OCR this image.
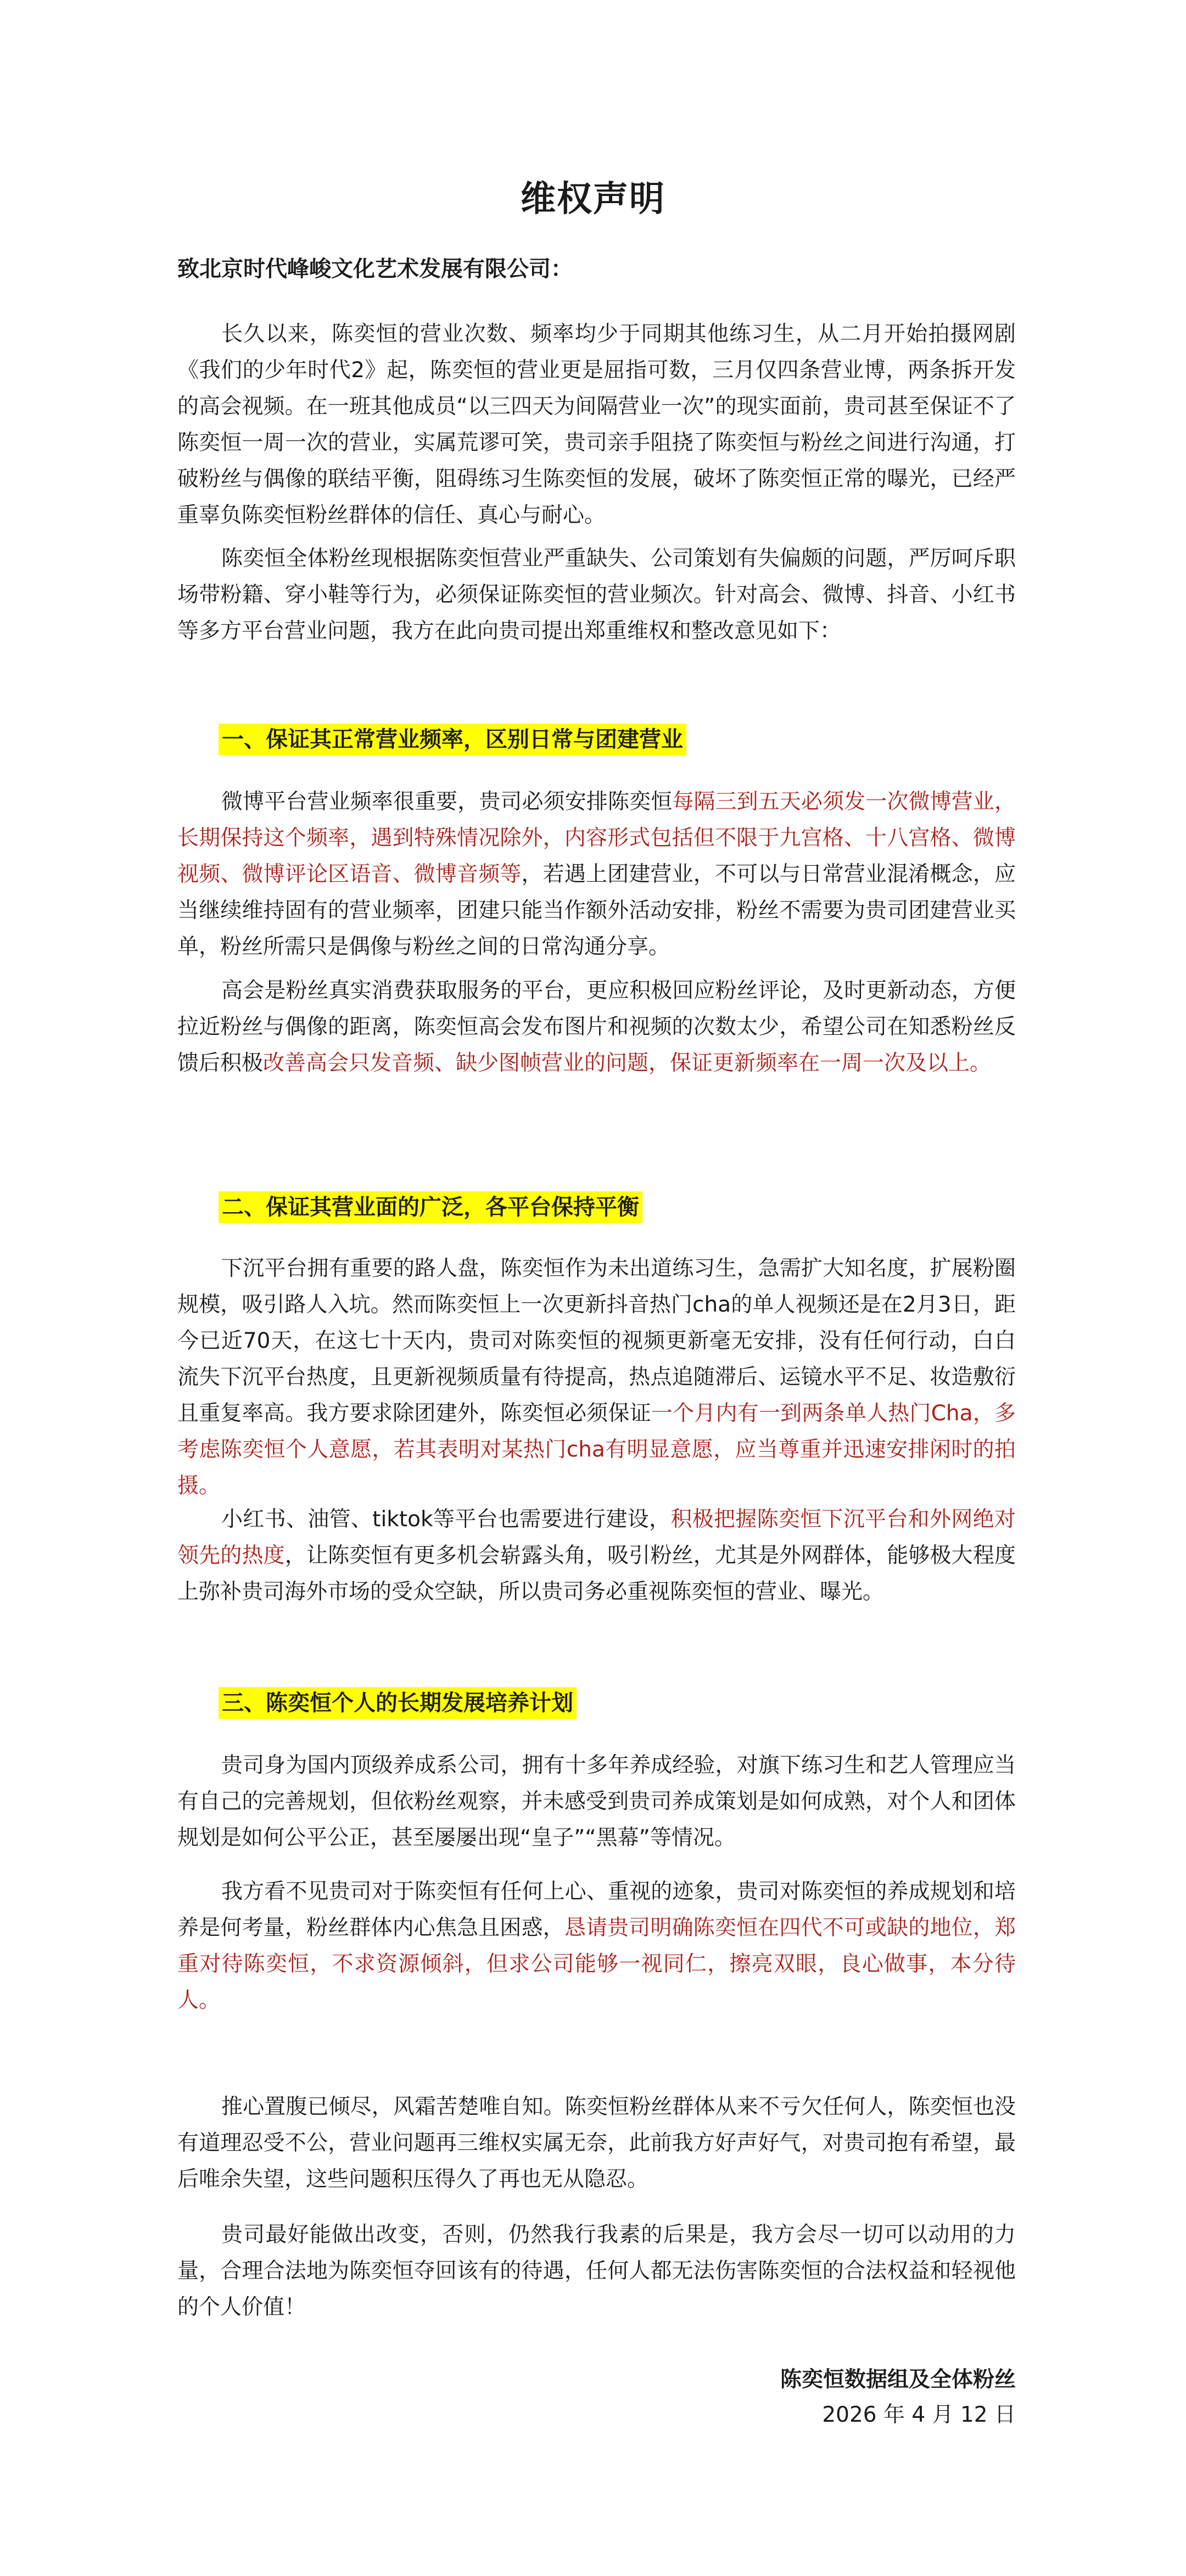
维权声明
致北京时代峰峻文化艺术发展有限公司：

长久以来，陈奕恒的营业次数、频率均少于同期其他练习生，从二月开始拍摄网剧《我们的少年时代2》起，陈奕恒的营业更是屈指可数，三月仅四条营业博，两条拆开发的高会视频。在一班其他成员“以三四天为间隔营业一次”的现实面前，贵司甚至保证不了陈奕恒一周一次的营业，实属荒谬可笑，贵司亲手阻挠了陈奕恒与粉丝之间进行沟通，打破粉丝与偶像的联结平衡，阻碍练习生陈奕恒的发展，破坏了陈奕恒正常的曝光，已经严重辜负陈奕恒粉丝群体的信任、真心与耐心。

陈奕恒全体粉丝现根据陈奕恒营业严重缺失、公司策划有失偏颇的问题，严厉呵斥职场带粉籍、穿小鞋等行为，必须保证陈奕恒的营业频次。针对高会、微博、抖音、小红书等多方平台营业问题，我方在此向贵司提出郑重维权和整改意见如下：

一、保证其正常营业频率，区别日常与团建营业

微博平台营业频率很重要，贵司必须安排陈奕恒每隔三到五天必须发一次微博营业，长期保持这个频率，遇到特殊情况除外，内容形式包括但不限于九宫格、十八宫格、微博视频、微博评论区语音、微博音频等，若遇上团建营业，不可以与日常营业混淆概念，应当继续维持固有的营业频率，团建只能当作额外活动安排，粉丝不需要为贵司团建营业买单，粉丝所需只是偶像与粉丝之间的日常沟通分享。

高会是粉丝真实消费获取服务的平台，更应积极回应粉丝评论，及时更新动态，方便拉近粉丝与偶像的距离，陈奕恒高会发布图片和视频的次数太少，希望公司在知悉粉丝反馈后积极改善高会只发音频、缺少图帧营业的问题，保证更新频率在一周一次及以上。

二、保证其营业面的广泛，各平台保持平衡

下沉平台拥有重要的路人盘，陈奕恒作为未出道练习生，急需扩大知名度，扩展粉圈规模，吸引路人入坑。然而陈奕恒上一次更新抖音热门cha的单人视频还是在2月3日，距今已近70天，在这七十天内，贵司对陈奕恒的视频更新毫无安排，没有任何行动，白白流失下沉平台热度，且更新视频质量有待提高，热点追随滞后、运镜水平不足、妆造敷衍且重复率高。我方要求除团建外，陈奕恒必须保证一个月内有一到两条单人热门Cha，多考虑陈奕恒个人意愿，若其表明对某热门cha有明显意愿，应当尊重并迅速安排闲时的拍摄。

小红书、油管、tiktok等平台也需要进行建设，积极把握陈奕恒下沉平台和外网绝对领先的热度，让陈奕恒有更多机会崭露头角，吸引粉丝，尤其是外网群体，能够极大程度上弥补贵司海外市场的受众空缺，所以贵司务必重视陈奕恒的营业、曝光。

三、陈奕恒个人的长期发展培养计划

贵司身为国内顶级养成系公司，拥有十多年养成经验，对旗下练习生和艺人管理应当有自己的完善规划，但依粉丝观察，并未感受到贵司养成策划是如何成熟，对个人和团体规划是如何公平公正，甚至屡屡出现“皇子”“黑幕”等情况。

我方看不见贵司对于陈奕恒有任何上心、重视的迹象，贵司对陈奕恒的养成规划和培养是何考量，粉丝群体内心焦急且困惑，恳请贵司明确陈奕恒在四代不可或缺的地位，郑重对待陈奕恒，不求资源倾斜，但求公司能够一视同仁，擦亮双眼，良心做事，本分待人。

推心置腹已倾尽，风霜苦楚唯自知。陈奕恒粉丝群体从来不亏欠任何人，陈奕恒也没有道理忍受不公，营业问题再三维权实属无奈，此前我方好声好气，对贵司抱有希望，最后唯余失望，这些问题积压得久了再也无从隐忍。

贵司最好能做出改变，否则，仍然我行我素的后果是，我方会尽一切可以动用的力量，合理合法地为陈奕恒夺回该有的待遇，任何人都无法伤害陈奕恒的合法权益和轻视他的个人价值！

陈奕恒数据组及全体粉丝
2026 年 4 月 12 日
